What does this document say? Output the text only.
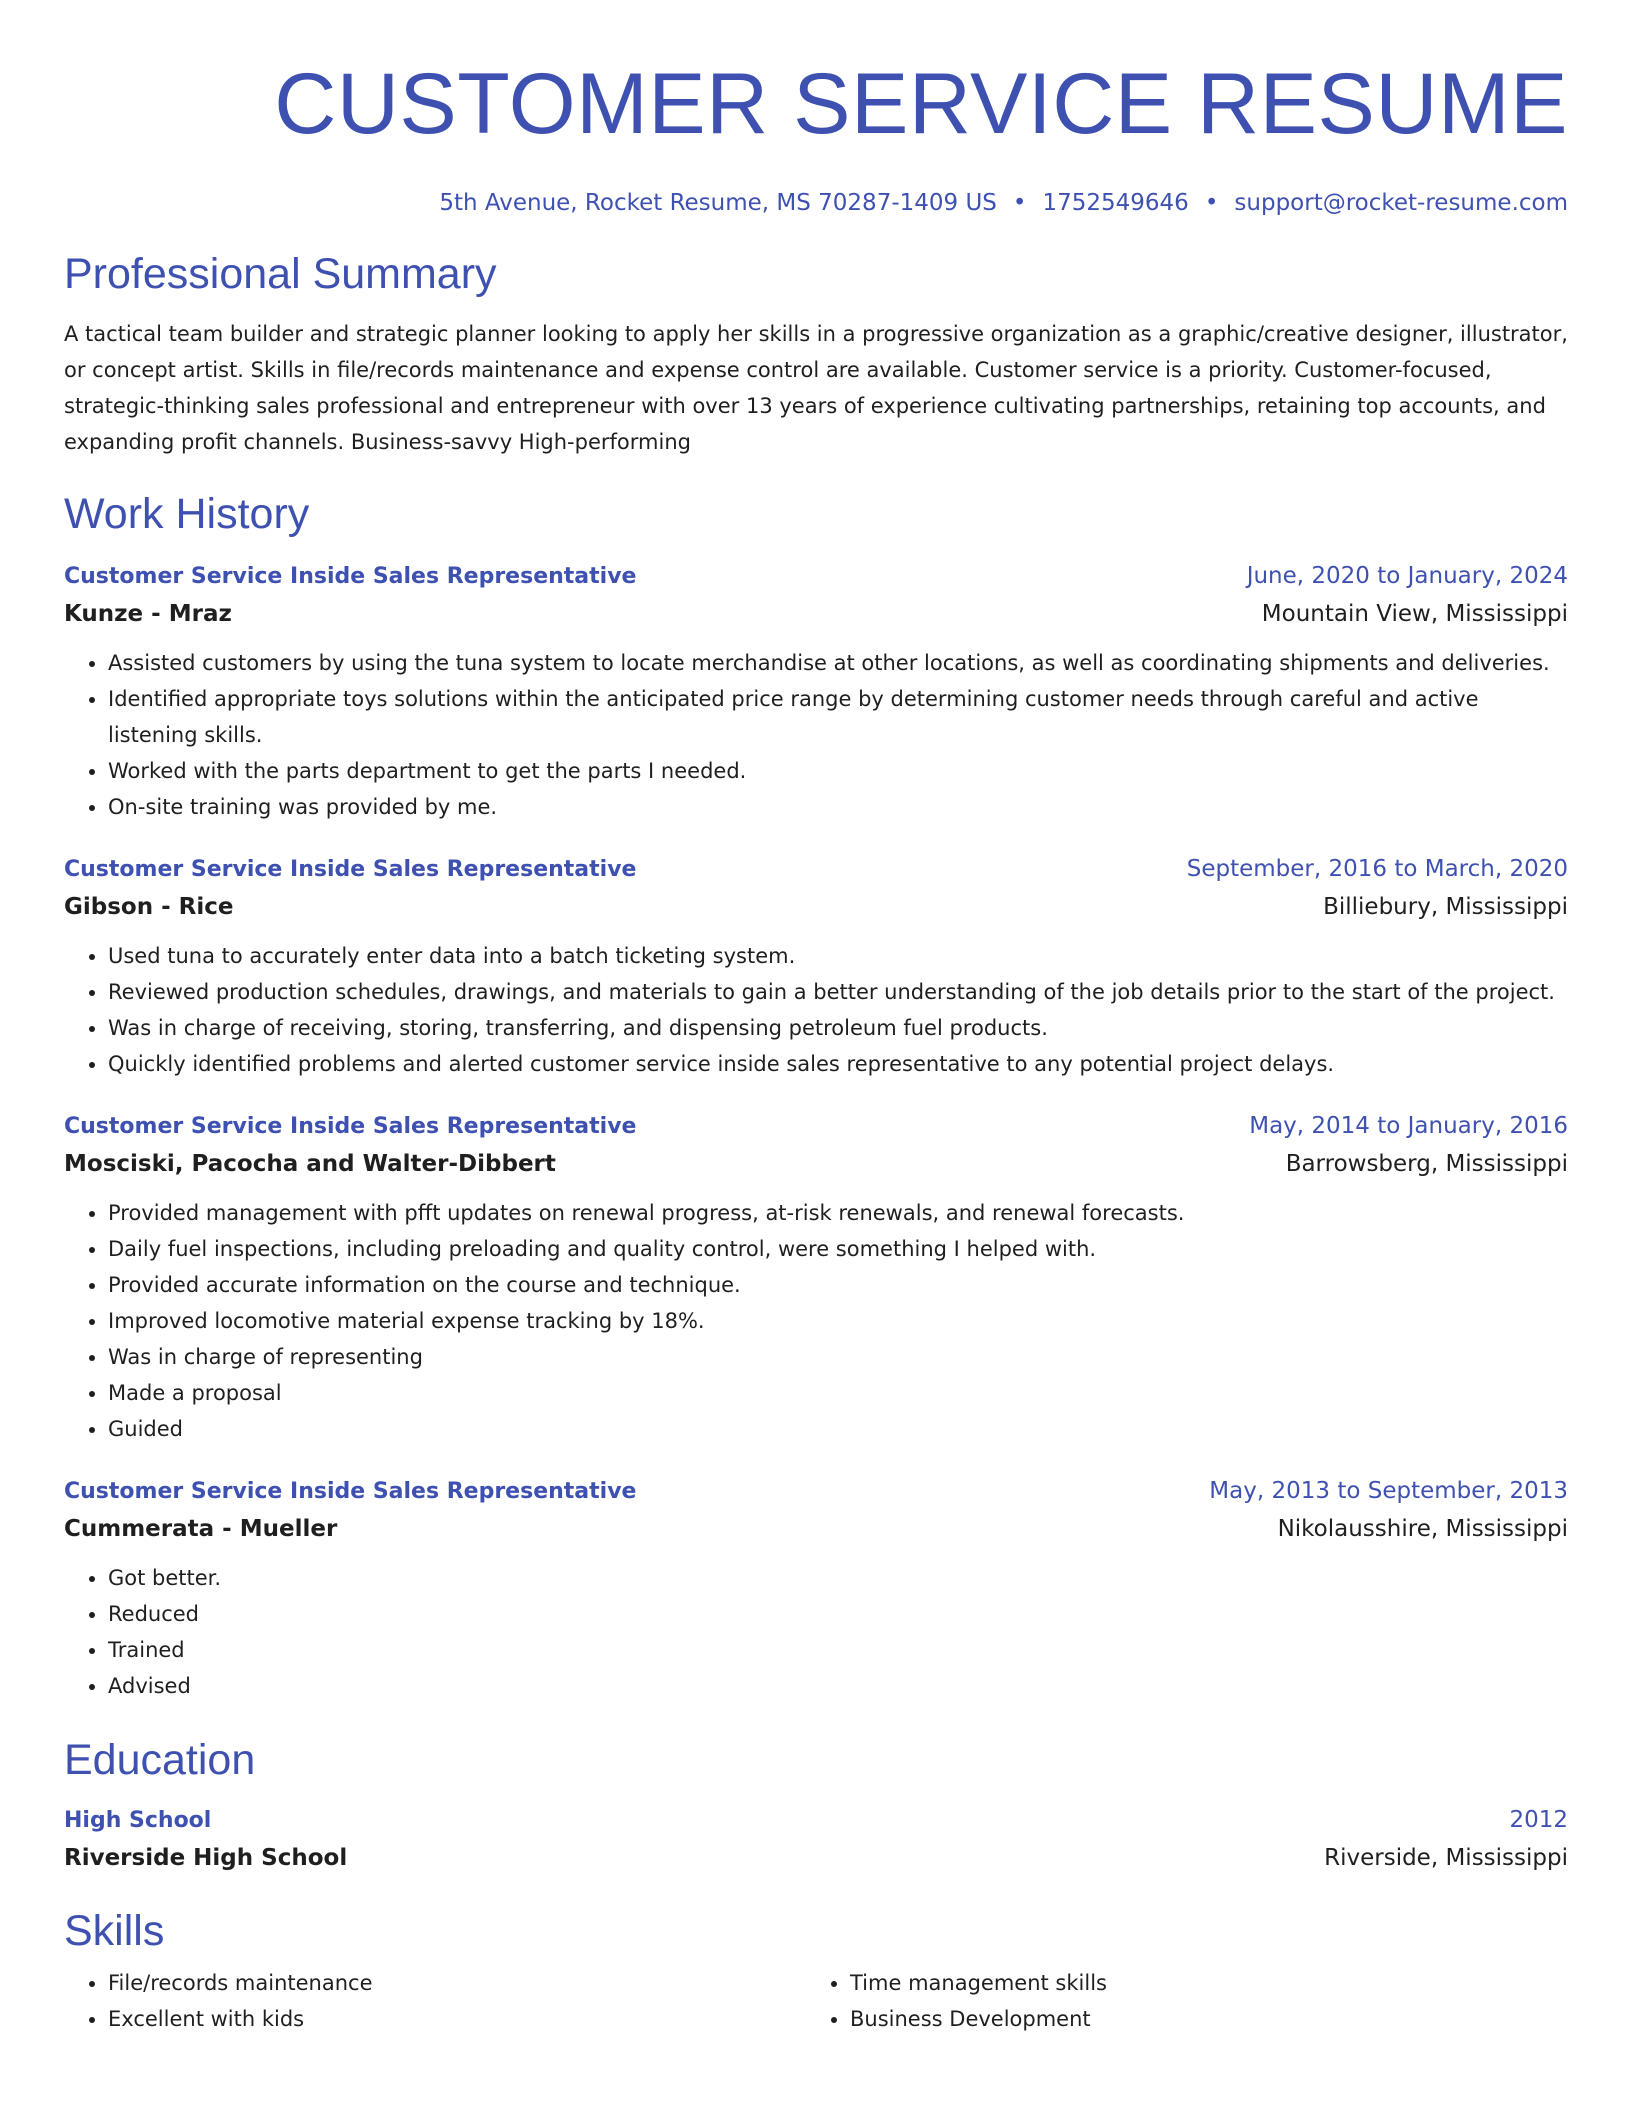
CUSTOMER SERVICE RESUME
5th Avenue, Rocket Resume, MS 70287-1409 US • 1752549646 • support@rocket-resume.com
Professional Summary

A tactical team builder and strategic planner looking to apply her skills in a progressive organization as a graphic/creative designer, illustrator, or concept artist. Skills in file/records maintenance and expense control are available. Customer service is a priority. Customer-focused, strategic-thinking sales professional and entrepreneur with over 13 years of experience cultivating partnerships, retaining top accounts, and expanding profit channels. Business-savvy High-performing

Work History
Customer Service Inside Sales Representative	June, 2020 to January, 2024
Kunze - Mraz	Mountain View, Mississippi
• Assisted customers by using the tuna system to locate merchandise at other locations, as well as coordinating shipments and deliveries.
• Identified appropriate toys solutions within the anticipated price range by determining customer needs through careful and active listening skills.
• Worked with the parts department to get the parts I needed.
• On-site training was provided by me.
Customer Service Inside Sales Representative	September, 2016 to March, 2020
Gibson - Rice	Billiebury, Mississippi
• Used tuna to accurately enter data into a batch ticketing system.
• Reviewed production schedules, drawings, and materials to gain a better understanding of the job details prior to the start of the project.
• Was in charge of receiving, storing, transferring, and dispensing petroleum fuel products.
• Quickly identified problems and alerted customer service inside sales representative to any potential project delays.
Customer Service Inside Sales Representative	May, 2014 to January, 2016
Mosciski, Pacocha and Walter-Dibbert	Barrowsberg, Mississippi
• Provided management with pfft updates on renewal progress, at-risk renewals, and renewal forecasts.
• Daily fuel inspections, including preloading and quality control, were something I helped with.
• Provided accurate information on the course and technique.
• Improved locomotive material expense tracking by 18%.
• Was in charge of representing
• Made a proposal
• Guided
Customer Service Inside Sales Representative	May, 2013 to September, 2013
Cummerata - Mueller	Nikolausshire, Mississippi
• Got better.
• Reduced
• Trained
• Advised
Education
High School	2012
Riverside High School	Riverside, Mississippi
Skills
• File/records maintenance
• Excellent with kids
• Time management skills
• Business Development
